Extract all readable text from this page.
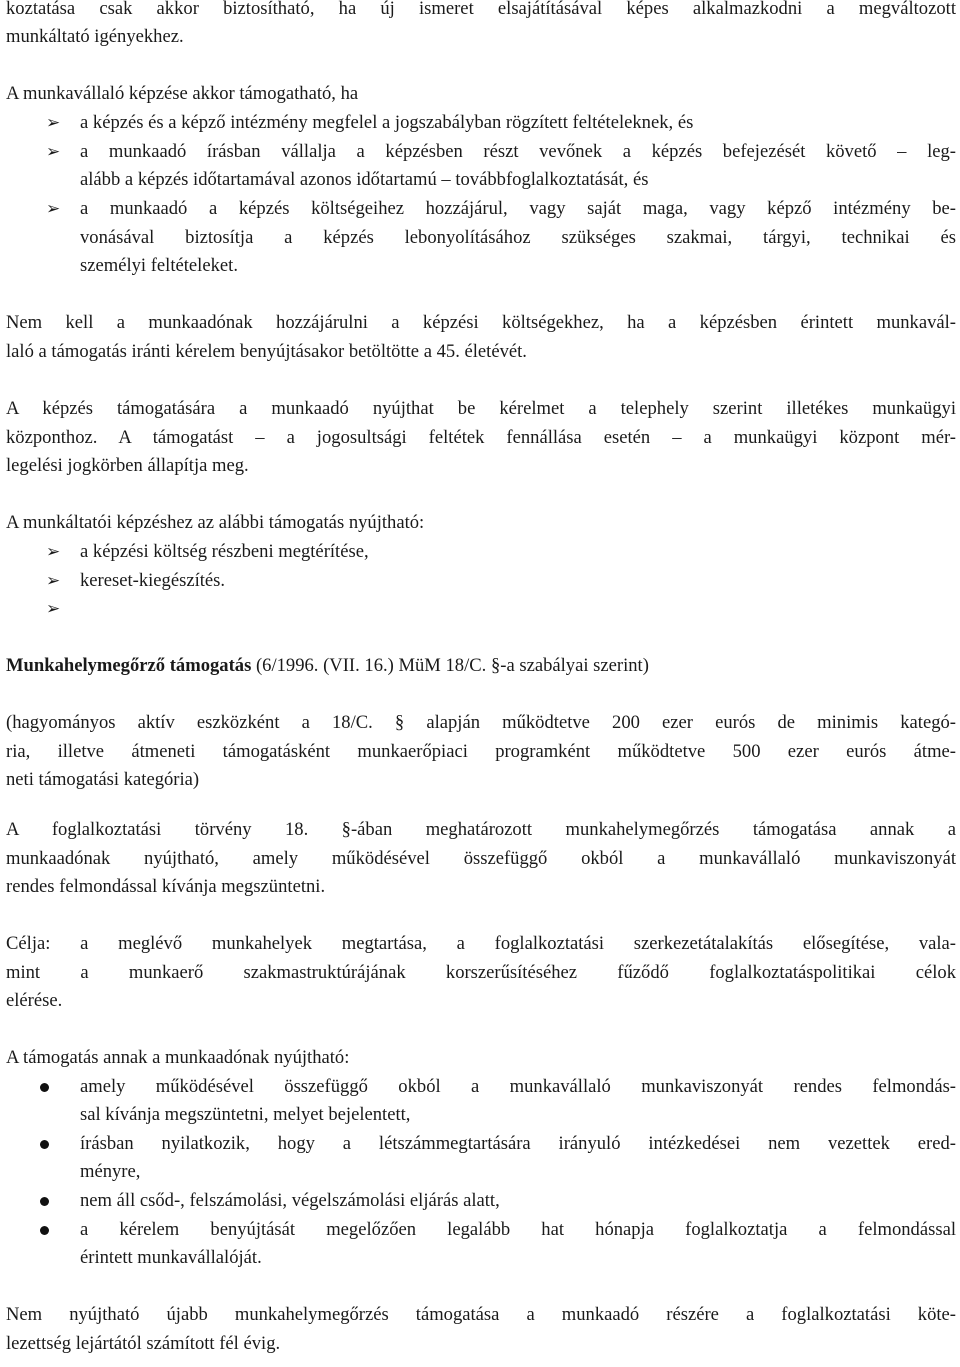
koztatása csak akkor biztosítható, ha új ismeret elsajátításával képes alkalmazkodni a megváltozott
munkáltató igényekhez.
A munkavállaló képzése akkor támogatható, ha
➢ a képzés és a képző intézmény megfelel a jogszabályban rögzített feltételeknek, és
➢ a munkaadó írásban vállalja a képzésben részt vevőnek a képzés befejezését követő – leg-
alább a képzés időtartamával azonos időtartamú – továbbfoglalkoztatását, és
➢ a munkaadó a képzés költségeihez hozzájárul, vagy saját maga, vagy képző intézmény be-
vonásával biztosítja a képzés lebonyolításához szükséges szakmai, tárgyi, technikai és
személyi feltételeket.
Nem kell a munkaadónak hozzájárulni a képzési költségekhez, ha a képzésben érintett munkavál-
laló a támogatás iránti kérelem benyújtásakor betöltötte a 45. életévét.
A képzés támogatására a munkaadó nyújthat be kérelmet a telephely szerint illetékes munkaügyi
központhoz. A támogatást – a jogosultsági feltétek fennállása esetén – a munkaügyi központ mér-
legelési jogkörben állapítja meg.
A munkáltatói képzéshez az alábbi támogatás nyújtható:
➢ a képzési költség részbeni megtérítése,
➢ kereset-kiegészítés.
➢
Munkahelymegőrző támogatás (6/1996. (VII. 16.) MüM 18/C. §-a szabályai szerint)
(hagyományos aktív eszközként a 18/C. § alapján működtetve 200 ezer eurós de minimis kategó-
ria, illetve átmeneti támogatásként munkaerőpiaci programként működtetve 500 ezer eurós átme-
neti támogatási kategória)
A foglalkoztatási törvény 18. §-ában meghatározott munkahelymegőrzés támogatása annak a
munkaadónak nyújtható, amely működésével összefüggő okból a munkavállaló munkaviszonyát
rendes felmondással kívánja megszüntetni.
Célja: a meglévő munkahelyek megtartása, a foglalkoztatási szerkezetátalakítás elősegítése, vala-
mint a munkaerő szakmastruktúrájának korszerűsítéséhez fűződő foglalkoztatáspolitikai célok
elérése.
A támogatás annak a munkaadónak nyújtható:
amely működésével összefüggő okból a munkavállaló munkaviszonyát rendes felmondás-
sal kívánja megszüntetni, melyet bejelentett,
írásban nyilatkozik, hogy a létszámmegtartására irányuló intézkedései nem vezettek ered-
ményre,
nem áll csőd-, felszámolási, végelszámolási eljárás alatt,
a kérelem benyújtását megelőzően legalább hat hónapja foglalkoztatja a felmondással
érintett munkavállalóját.
Nem nyújtható újabb munkahelymegőrzés támogatása a munkaadó részére a foglalkoztatási köte-
lezettség lejártától számított fél évig.
